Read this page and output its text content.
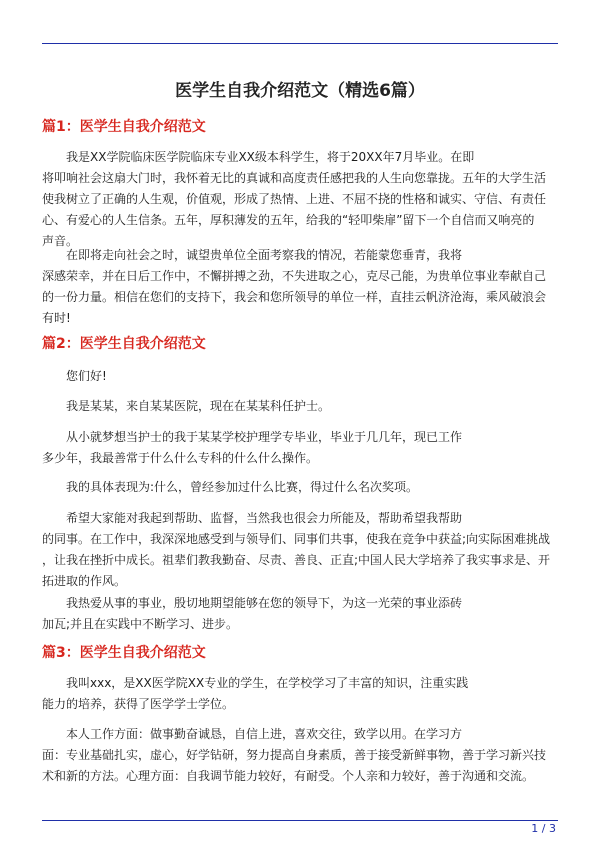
医学生自我介绍范文（精选6篇）
篇1：医学生自我介绍范文

我是XX学院临床医学院临床专业XX级本科学生，将于20XX年7月毕业。在即
将叩响社会这扇大门时，我怀着无比的真诚和高度责任感把我的人生向您靠拢。五年的大学生活
使我树立了正确的人生观，价值观，形成了热情、上进、不屈不挠的性格和诚实、守信、有责任
心、有爱心的人生信条。五年，厚积薄发的五年，给我的“轻叩柴扉”留下一个自信而又响亮的
声音。

在即将走向社会之时，诚望贵单位全面考察我的情况，若能蒙您垂青，我将
深感荣幸，并在日后工作中，不懈拼搏之劲，不失进取之心，克尽己能，为贵单位事业奉献自己
的一份力量。相信在您们的支持下，我会和您所领导的单位一样，直挂云帆济沧海，乘风破浪会
有时!

篇2：医学生自我介绍范文

您们好!

我是某某，来自某某医院，现在在某某科任护士。

从小就梦想当护士的我于某某学校护理学专毕业，毕业于几几年，现已工作
多少年，我最善常于什么什么专科的什么什么操作。

我的具体表现为:什么，曾经参加过什么比赛，得过什么名次奖项。

希望大家能对我起到帮助、监督，当然我也很会力所能及，帮助希望我帮助
的同事。在工作中，我深深地感受到与领导们、同事们共事，使我在竞争中获益;向实际困难挑战
，让我在挫折中成长。祖辈们教我勤奋、尽责、善良、正直;中国人民大学培养了我实事求是、开
拓进取的作风。

我热爱从事的事业，殷切地期望能够在您的领导下，为这一光荣的事业添砖
加瓦;并且在实践中不断学习、进步。

篇3：医学生自我介绍范文

我叫xxx，是XX医学院XX专业的学生，在学校学习了丰富的知识，注重实践
能力的培养，获得了医学学士学位。

本人工作方面：做事勤奋诚恳，自信上进，喜欢交往，致学以用。在学习方
面：专业基础扎实，虚心，好学钻研，努力提高自身素质，善于接受新鲜事物，善于学习新兴技
术和新的方法。心理方面：自我调节能力较好，有耐受。个人亲和力较好，善于沟通和交流。

1 / 3
